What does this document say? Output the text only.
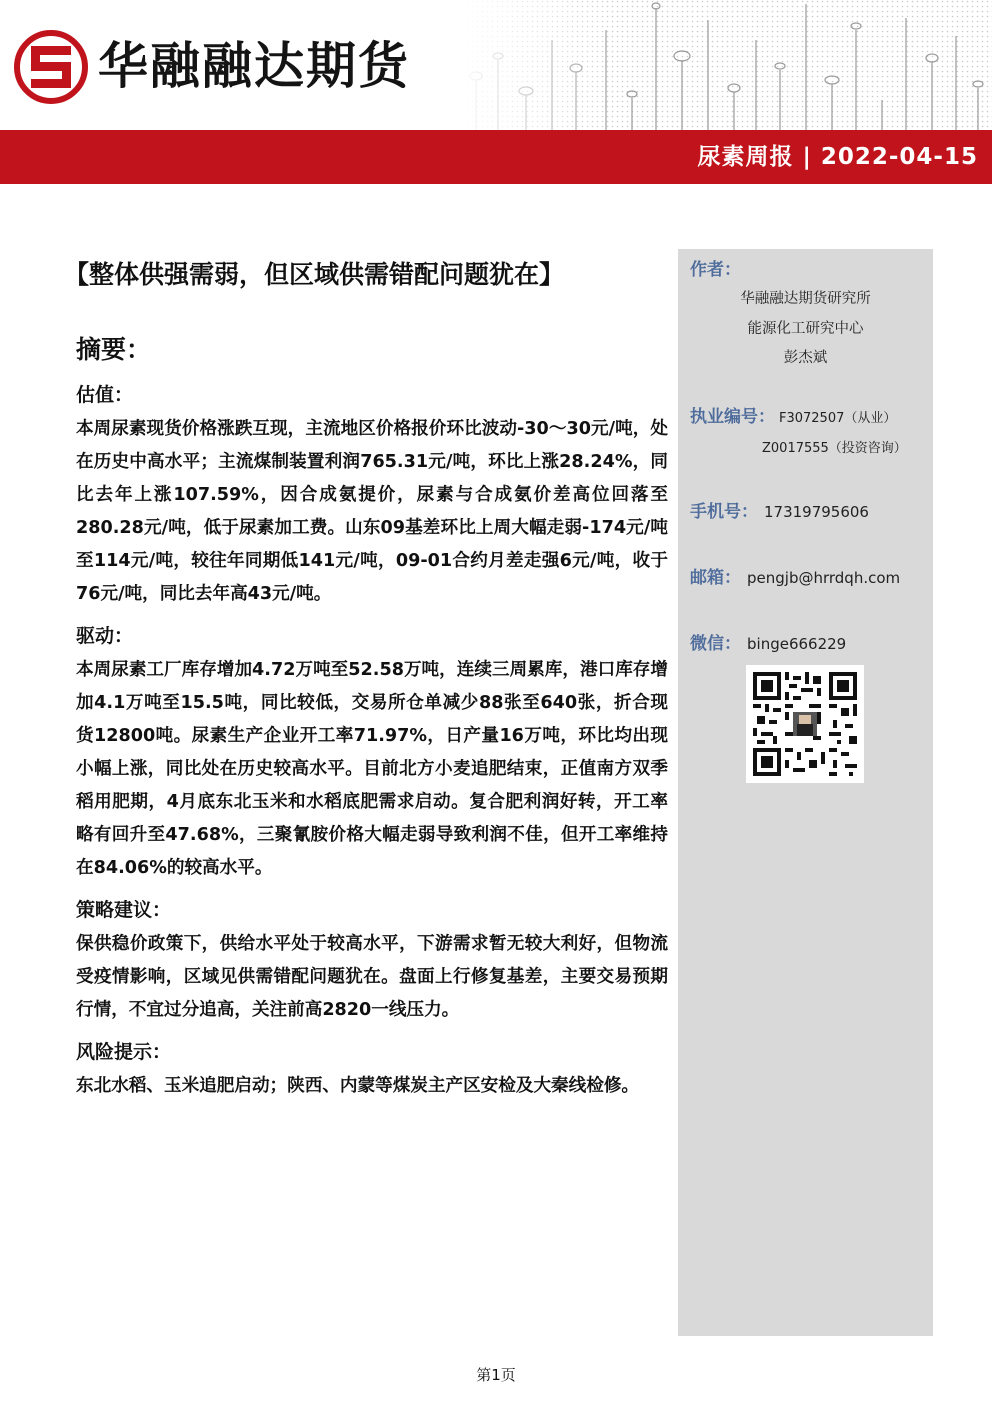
华融融达期货
尿素周报 | 2022-04-15
【整体供强需弱，但区域供需错配问题犹在】
摘要：
估值：
本周尿素现货价格涨跌互现，主流地区价格报价环比波动-30～30元/吨，处在历史中高水平；主流煤制装置利润765.31元/吨，环比上涨28.24%，同比去年上涨107.59%，因合成氨提价，尿素与合成氨价差高位回落至280.28元/吨，低于尿素加工费。山东09基差环比上周大幅走弱-174元/吨至114元/吨，较往年同期低141元/吨，09-01合约月差走强6元/吨，收于76元/吨，同比去年高43元/吨。
驱动：
本周尿素工厂库存增加4.72万吨至52.58万吨，连续三周累库，港口库存增加4.1万吨至15.5吨，同比较低，交易所仓单减少88张至640张，折合现货12800吨。尿素生产企业开工率71.97%，日产量16万吨，环比均出现小幅上涨，同比处在历史较高水平。目前北方小麦追肥结束，正值南方双季稻用肥期，4月底东北玉米和水稻底肥需求启动。复合肥利润好转，开工率略有回升至47.68%，三聚氰胺价格大幅走弱导致利润不佳，但开工率维持在84.06%的较高水平。
策略建议：
保供稳价政策下，供给水平处于较高水平，下游需求暂无较大利好，但物流受疫情影响，区域见供需错配问题犹在。盘面上行修复基差，主要交易预期行情，不宜过分追高，关注前高2820一线压力。
风险提示：
东北水稻、玉米追肥启动；陕西、内蒙等煤炭主产区安检及大秦线检修。
作者：
华融融达期货研究所
能源化工研究中心
彭杰斌
执业编号： F3072507（从业）
Z0017555（投资咨询）
手机号： 17319795606
邮箱： pengjb@hrrdqh.com
微信： binge666229
第1页
